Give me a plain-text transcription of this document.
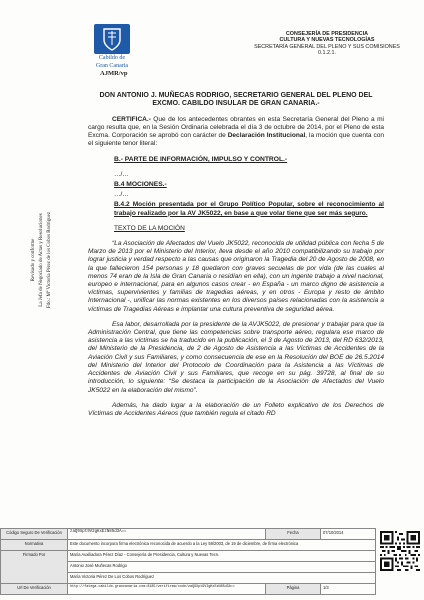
Cabildo de
Gran Canaria
AJMR/vp
CONSEJERÍA DE PRESIDENCIA
CULTURA Y NUEVAS TECNOLOGÍAS
SECRETARÍA GENERAL DEL PLENO Y SUS COMISIONES
0.1.2.1.
Revisado y conforme La Jefa de Negociado de Actas y Resoluciones Fdo.: Mª Victoria Pérez de los Cobos Rodríguez

DON ANTONIO J. MUÑECAS RODRIGO, SECRETARIO GENERAL DEL PLENO DEL EXCMO. CABILDO INSULAR DE GRAN CANARIA.-

CERTIFICA.- Que de los antecedentes obrantes en esta Secretaría General del Pleno a mi cargo resulta que, en la Sesión Ordinaria celebrada el día 3 de octubre de 2014, por el Pleno de esta Excma. Corporación se aprobó con carácter de Declaración Institucional, la moción que cuenta con el siguiente tenor literal:

B.- PARTE DE INFORMACIÓN, IMPULSO Y CONTROL.-

…/…

B.4 MOCIONES.-

…/…

B.4.2 Moción presentada por el Grupo Político Popular, sobre el reconocimiento al trabajo realizado por la AV JK5022, en base a que volar tiene que ser más seguro.

TEXTO DE LA MOCIÓN

“La Asociación de Afectados del Vuelo JK5022, reconocida de utilidad pública con fecha 5 de Marzo de 2013 por el Ministerio del Interior, lleva desde el año 2010 compatibilizando su trabajo por lograr justicia y verdad respecto a las causas que originaron la Tragedia del 20 de Agosto de 2008, en la que fallecieron 154 personas y 18 quedaron con graves secuelas de por vida (de las cuales al menos 74 eran de la Isla de Gran Canaria o residían en ella), con un ingente trabajo a nivel nacional, europeo e internacional, para en algunos casos crear - en España - un marco digno de asistencia a víctimas, supervivientes y familias de tragedias aéreas, y en otros - Europa y resto de ámbito Internacional -, unificar las normas existentes en los diversos países relacionadas con la asistencia a víctimas de Tragedias Aéreas e implantar una cultura preventiva de seguridad aérea.

Esa labor, desarrollada por la presidente de la AVJK5022, de presionar y trabajar para que la Administración Central, que tiene las competencias sobre transporte aéreo, regulara ese marco de asistencia a las víctimas se ha traducido en la publicación, el 3 de Agosto de 2013, del RD 632/2013, del Ministerio de la Presidencia, de 2 de Agosto de Asistencia a las Víctimas de Accidentes de la Aviación Civil y sus Familiares, y como consecuencia de ese en la Resolución del BOE de 26.5.2014 del Ministerio del Interior del Protocolo de Coordinación para la Asistencia a las Víctimas de Accidentes de Aviación Civil y sus Familiares, que recoge en su pág. 39728, al final de su introducción, lo siguiente: “Se destaca la participación de la Asociación de Afectados del Vuelo JK5022 en la elaboración del mismo”.

Además, ha dado lugar a la elaboración de un Folleto explicativo de los Derechos de Víctimas de Accidentes Aéreos (que también regula el citado RD

Código Seguro De Verificación	zaQ9Xpt9V2gKxEzN85d3A==	Fecha	07/10/2014
Normativa	Este documento incorpora firma electrónica reconocida de acuerdo a la Ley 59/2003, de 19 de diciembre, de firma electrónica		
Firmado Por	María Auxiliadora Pérez Díaz - Consejería de Presidencia, Cultura y Nuevas Tecn.		
	Antonio José Muñecas Rodrigo		
	María Victoria Pérez De Los Cobos Rodríguez		
Url De Verificación	http://fatega.cabildo.grancanaria.com:8185/verifirma/code/zaQ9Xpt9V2gKxEzN85d3A==	Página	1/3
